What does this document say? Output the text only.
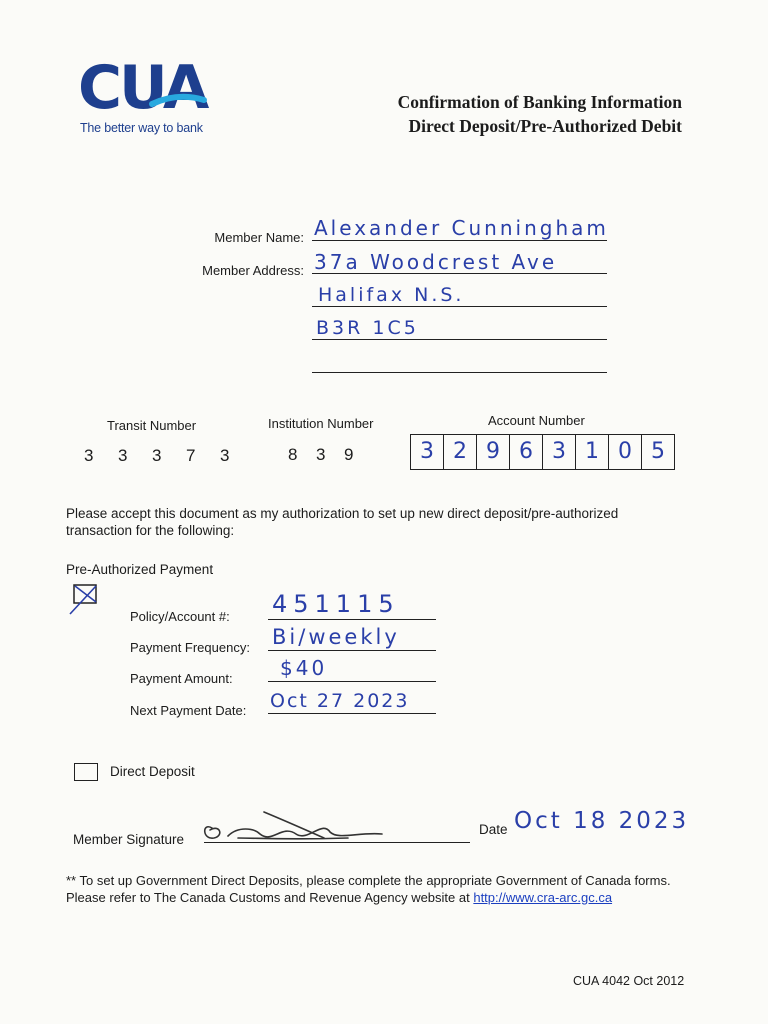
CUA
The better way to bank
Confirmation of Banking Information
Direct Deposit/Pre-Authorized Debit
Member Name: Alexander Cunningham
Member Address: 37a Woodcrest Ave
Halifax N.S.
B3R 1C5
Transit Number
3 3 3 7 3
Institution Number
8 3 9
Account Number
3 2 9 6 3 1 0 5
Please accept this document as my authorization to set up new direct deposit/pre-authorized transaction for the following:
Pre-Authorized Payment
Policy/Account #: 451115
Payment Frequency: Bi/weekly
Payment Amount: $40
Next Payment Date: Oct 27 2023
Direct Deposit
Member Signature
Date Oct 18 2023
** To set up Government Direct Deposits, please complete the appropriate Government of Canada forms.
Please refer to The Canada Customs and Revenue Agency website at http://www.cra-arc.gc.ca
CUA 4042 Oct 2012
